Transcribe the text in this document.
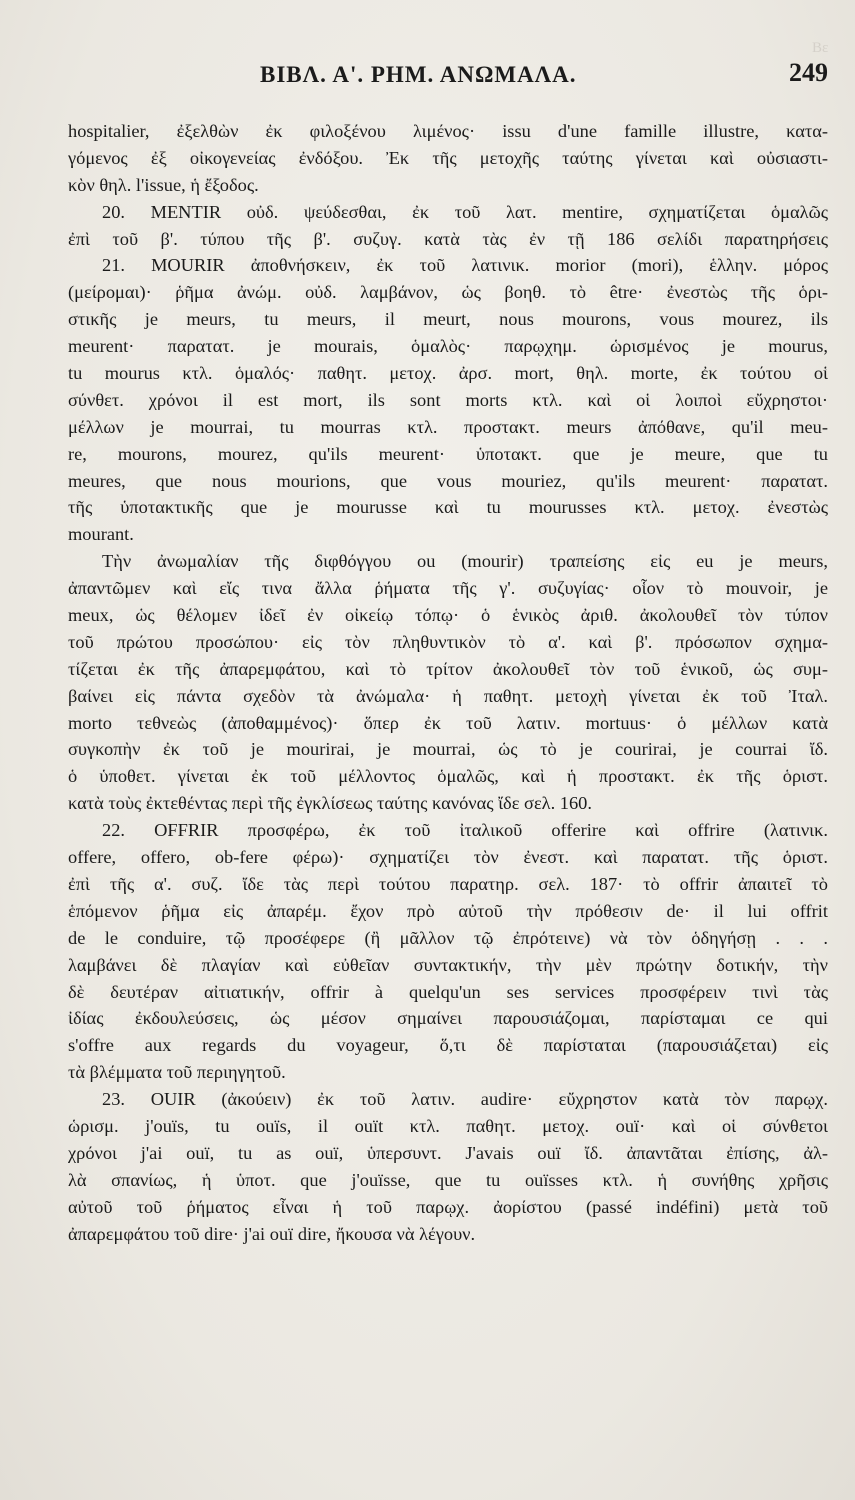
Βε
ΒΙΒΛ. Α'. ΡΗΜ. ΑΝΩΜΑΛΑ.	249
hospitalier, ἐξελθὼν ἐκ φιλοξένου λιμένος· issu d'une famille illustre, κατα-
γόμενος ἐξ οἰκογενείας ἐνδόξου. Ἐκ τῆς μετοχῆς ταύτης γίνεται καὶ οὐσιαστι-
κὸν θηλ. l'issue, ἡ ἔξοδος.
20. MENTIR οὐδ. ψεύδεσθαι, ἐκ τοῦ λατ. mentire, σχηματίζεται ὁμαλῶς
ἐπὶ τοῦ β'. τύπου τῆς β'. συζυγ. κατὰ τὰς ἐν τῇ 186 σελίδι παρατηρήσεις
21. MOURIR ἀποθνήσκειν, ἐκ τοῦ λατινικ. morior (mori), ἑλλην. μόρος
(μείρομαι)· ῥῆμα ἀνώμ. οὐδ. λαμβάνον, ὡς βοηθ. τὸ être· ἐνεστὼς τῆς ὁρι-
στικῆς je meurs, tu meurs, il meurt, nous mourons, vous mourez, ils
meurent· παρατατ. je mourais, ὁμαλὸς· παρῳχημ. ὡρισμένος je mourus,
tu mourus κτλ. ὁμαλός· παθητ. μετοχ. ἀρσ. mort, θηλ. morte, ἐκ τούτου οἱ
σύνθετ. χρόνοι il est mort, ils sont morts κτλ. καὶ οἱ λοιποὶ εὔχρηστοι·
μέλλων je mourrai, tu mourras κτλ. προστακτ. meurs ἀπόθανε, qu'il meu-
re, mourons, mourez, qu'ils meurent· ὑποτακτ. que je meure, que tu
meures, que nous mourions, que vous mouriez, qu'ils meurent· παρατατ.
τῆς ὑποτακτικῆς que je mourusse καὶ tu mourusses κτλ. μετοχ. ἐνεστὼς
mourant.
Τὴν ἀνωμαλίαν τῆς διφθόγγου ou (mourir) τραπείσης εἰς eu je meurs,
ἀπαντῶμεν καὶ εἴς τινα ἄλλα ῥήματα τῆς γ'. συζυγίας· οἷον τὸ mouvoir, je
meux, ὡς θέλομεν ἰδεῖ ἐν οἰκείῳ τόπῳ· ὁ ἑνικὸς ἀριθ. ἀκολουθεῖ τὸν τύπον
τοῦ πρώτου προσώπου· εἰς τὸν πληθυντικὸν τὸ α'. καὶ β'. πρόσωπον σχημα-
τίζεται ἐκ τῆς ἀπαρεμφάτου, καὶ τὸ τρίτον ἀκολουθεῖ τὸν τοῦ ἑνικοῦ, ὡς συμ-
βαίνει εἰς πάντα σχεδὸν τὰ ἀνώμαλα· ἡ παθητ. μετοχὴ γίνεται ἐκ τοῦ Ἰταλ.
morto τεθνεὼς (ἀποθαμμένος)· ὅπερ ἐκ τοῦ λατιν. mortuus· ὁ μέλλων κατὰ
συγκοπὴν ἐκ τοῦ je mourirai, je mourrai, ὡς τὸ je courirai, je courrai ἴδ.
ὁ ὑποθετ. γίνεται ἐκ τοῦ μέλλοντος ὁμαλῶς, καὶ ἡ προστακτ. ἐκ τῆς ὁριστ.
κατὰ τοὺς ἐκτεθέντας περὶ τῆς ἐγκλίσεως ταύτης κανόνας ἴδε σελ. 160.
22. OFFRIR προσφέρω, ἐκ τοῦ ἰταλικοῦ offerire καὶ offrire (λατινικ.
offere, offero, ob-fere φέρω)· σχηματίζει τὸν ἐνεστ. καὶ παρατατ. τῆς ὁριστ.
ἐπὶ τῆς α'. συζ. ἴδε τὰς περὶ τούτου παρατηρ. σελ. 187· τὸ offrir ἀπαιτεῖ τὸ
ἑπόμενον ῥῆμα εἰς ἀπαρέμ. ἔχον πρὸ αὐτοῦ τὴν πρόθεσιν de· il lui offrit
de le conduire, τῷ προσέφερε (ἢ μᾶλλον τῷ ἐπρότεινε) νὰ τὸν ὁδηγήσῃ . . .
λαμβάνει δὲ πλαγίαν καὶ εὐθεῖαν συντακτικήν, τὴν μὲν πρώτην δοτικήν, τὴν
δὲ δευτέραν αἰτιατικήν, offrir à quelqu'un ses services προσφέρειν τινὶ τὰς
ἰδίας ἐκδουλεύσεις, ὡς μέσον σημαίνει παρουσιάζομαι, παρίσταμαι ce qui
s'offre aux regards du voyageur, ὅ,τι δὲ παρίσταται (παρουσιάζεται) εἰς
τὰ βλέμματα τοῦ περιηγητοῦ.
23. OUIR (ἀκούειν) ἐκ τοῦ λατιν. audire· εὔχρηστον κατὰ τὸν παρῳχ.
ὡρισμ. j'ouïs, tu ouïs, il ouït κτλ. παθητ. μετοχ. ouï· καὶ οἱ σύνθετοι
χρόνοι j'ai ouï, tu as ouï, ὑπερσυντ. J'avais ouï ἴδ. ἀπαντᾶται ἐπίσης, ἀλ-
λὰ σπανίως, ἡ ὑποτ. que j'ouïsse, que tu ouïsses κτλ. ἡ συνήθης χρῆσις
αὐτοῦ τοῦ ῥήματος εἶναι ἡ τοῦ παρῳχ. ἀορίστου (passé indéfini) μετὰ τοῦ
ἀπαρεμφάτου τοῦ dire· j'ai ouï dire, ἤκουσα νὰ λέγουν.
